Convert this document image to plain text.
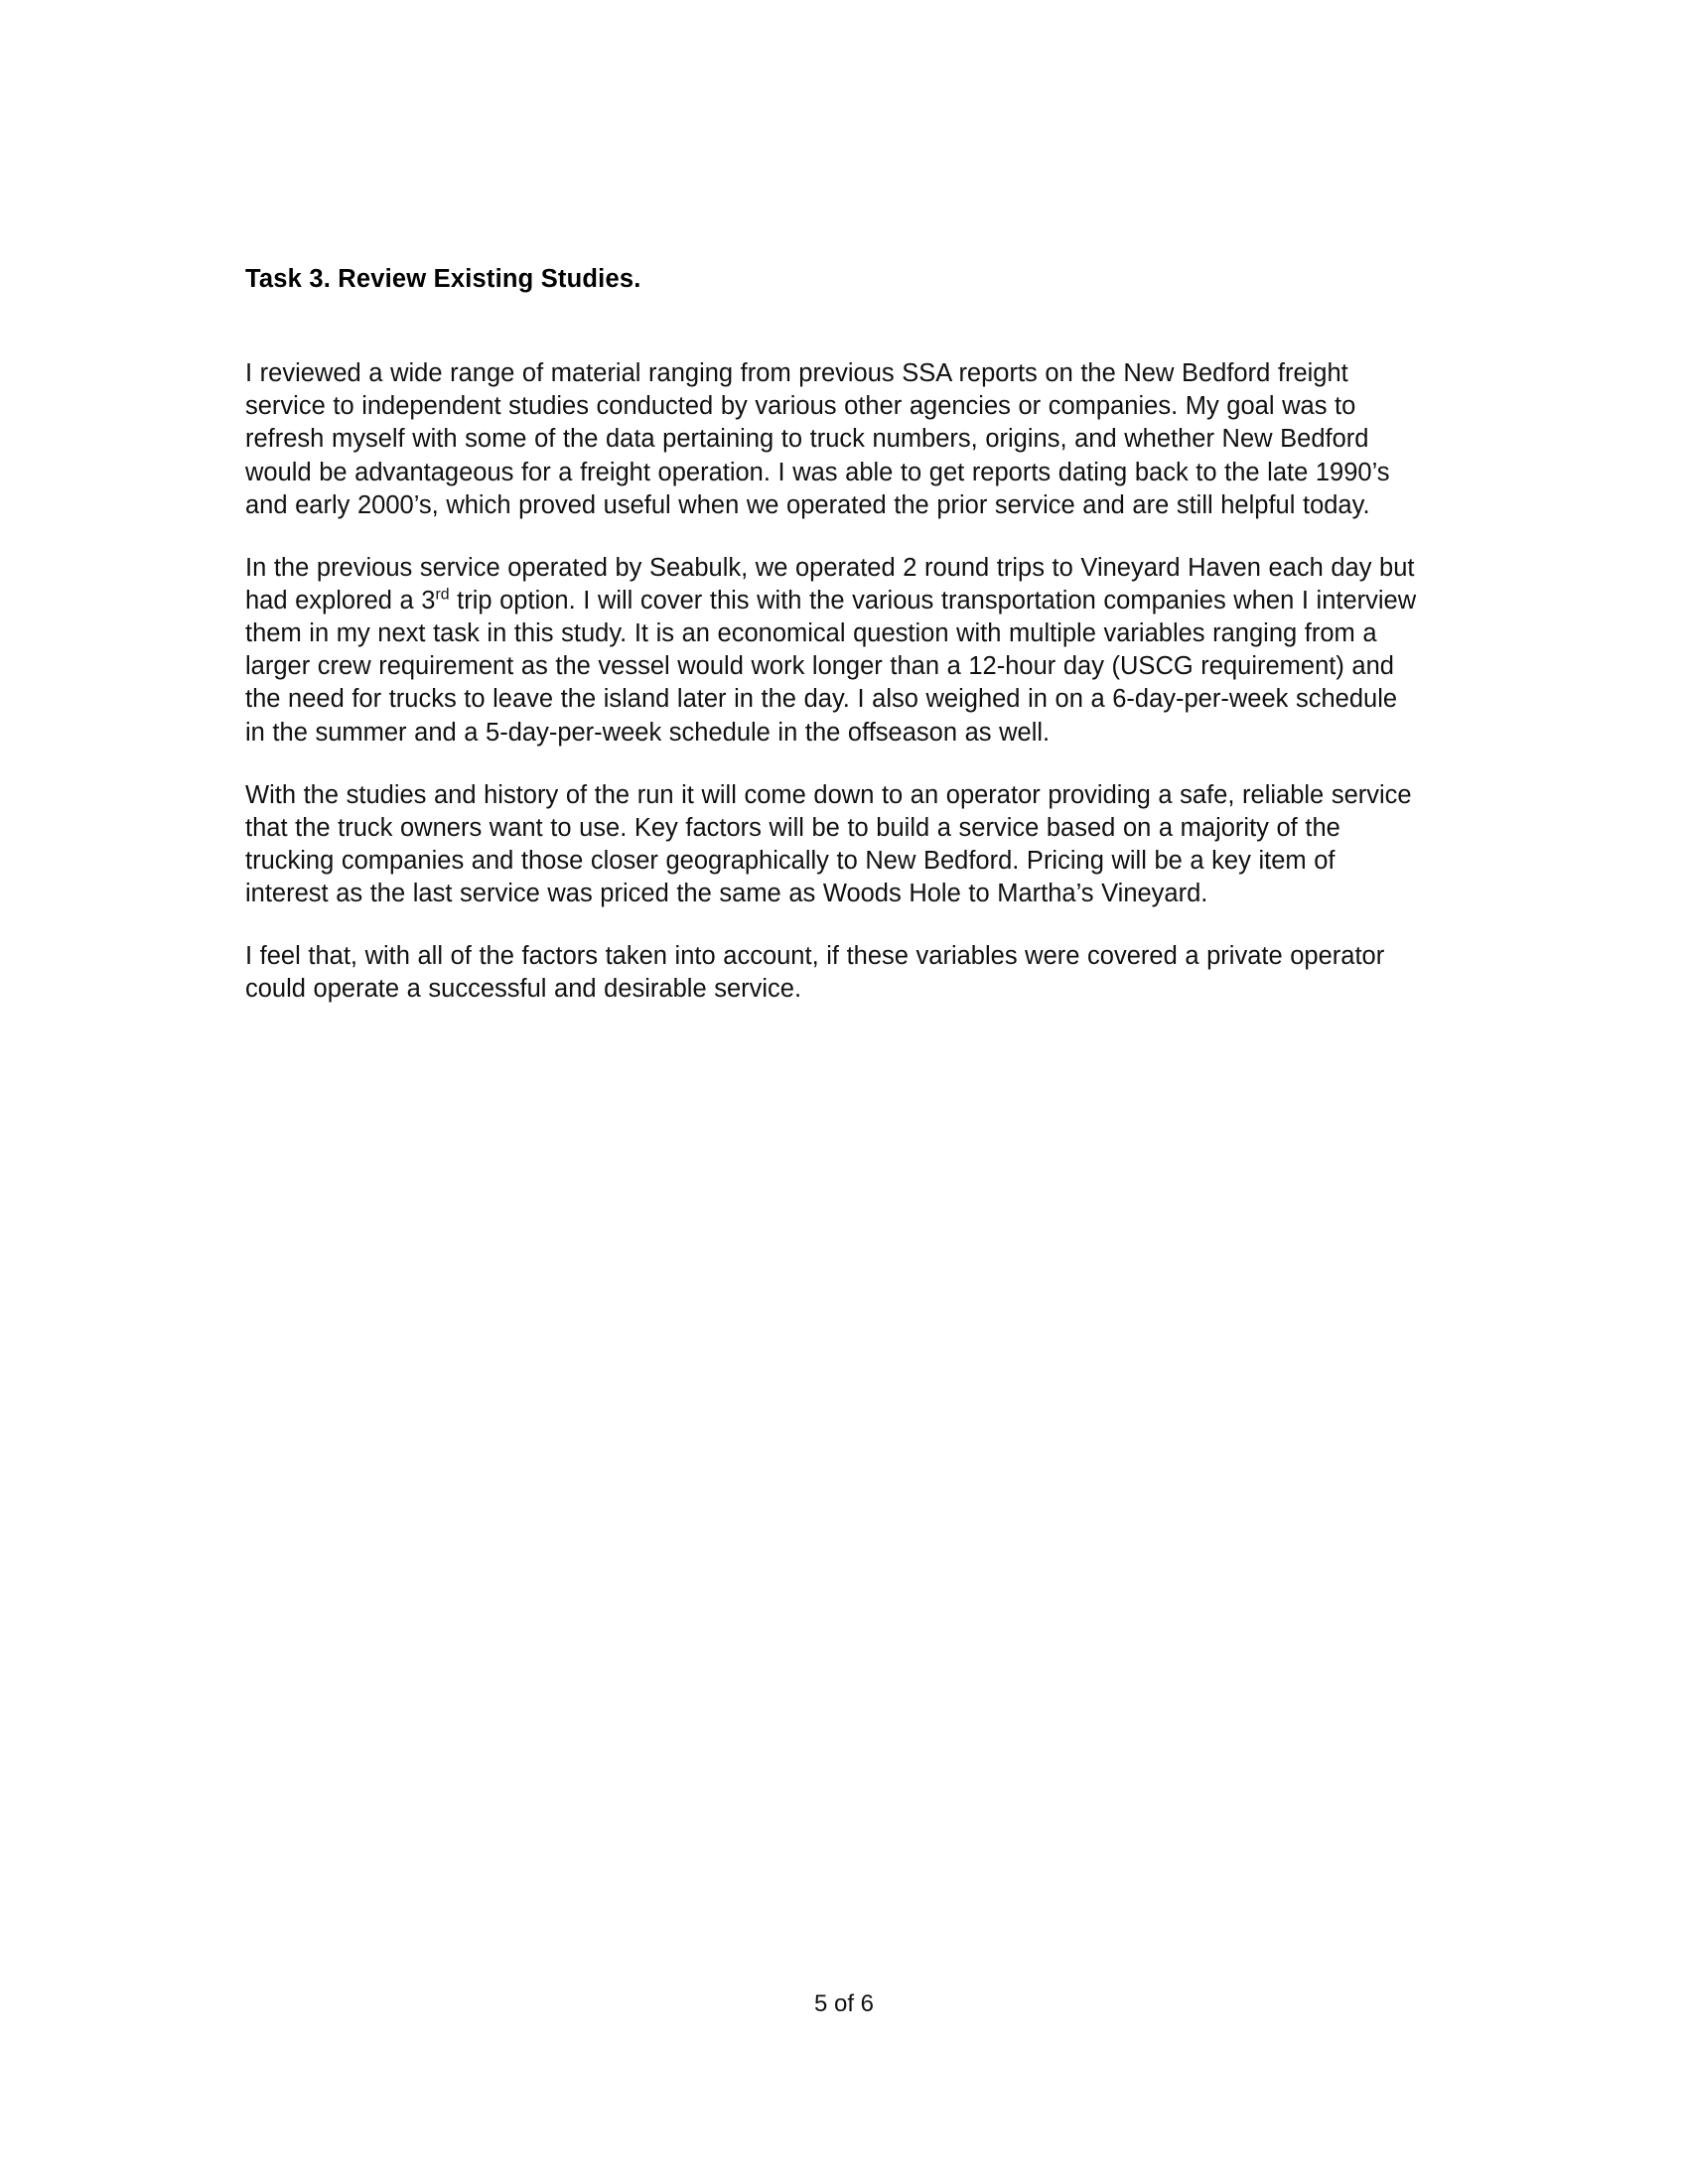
Task 3. Review Existing Studies.

I reviewed a wide range of material ranging from previous SSA reports on the New Bedford freight service to independent studies conducted by various other agencies or companies. My goal was to refresh myself with some of the data pertaining to truck numbers, origins, and whether New Bedford would be advantageous for a freight operation. I was able to get reports dating back to the late 1990’s and early 2000’s, which proved useful when we operated the prior service and are still helpful today.

In the previous service operated by Seabulk, we operated 2 round trips to Vineyard Haven each day but had explored a 3rd trip option. I will cover this with the various transportation companies when I interview them in my next task in this study. It is an economical question with multiple variables ranging from a larger crew requirement as the vessel would work longer than a 12-hour day (USCG requirement) and the need for trucks to leave the island later in the day. I also weighed in on a 6-day-per-week schedule in the summer and a 5-day-per-week schedule in the offseason as well.

With the studies and history of the run it will come down to an operator providing a safe, reliable service that the truck owners want to use. Key factors will be to build a service based on a majority of the trucking companies and those closer geographically to New Bedford. Pricing will be a key item of interest as the last service was priced the same as Woods Hole to Martha’s Vineyard.

I feel that, with all of the factors taken into account, if these variables were covered a private operator could operate a successful and desirable service.

5 of 6
